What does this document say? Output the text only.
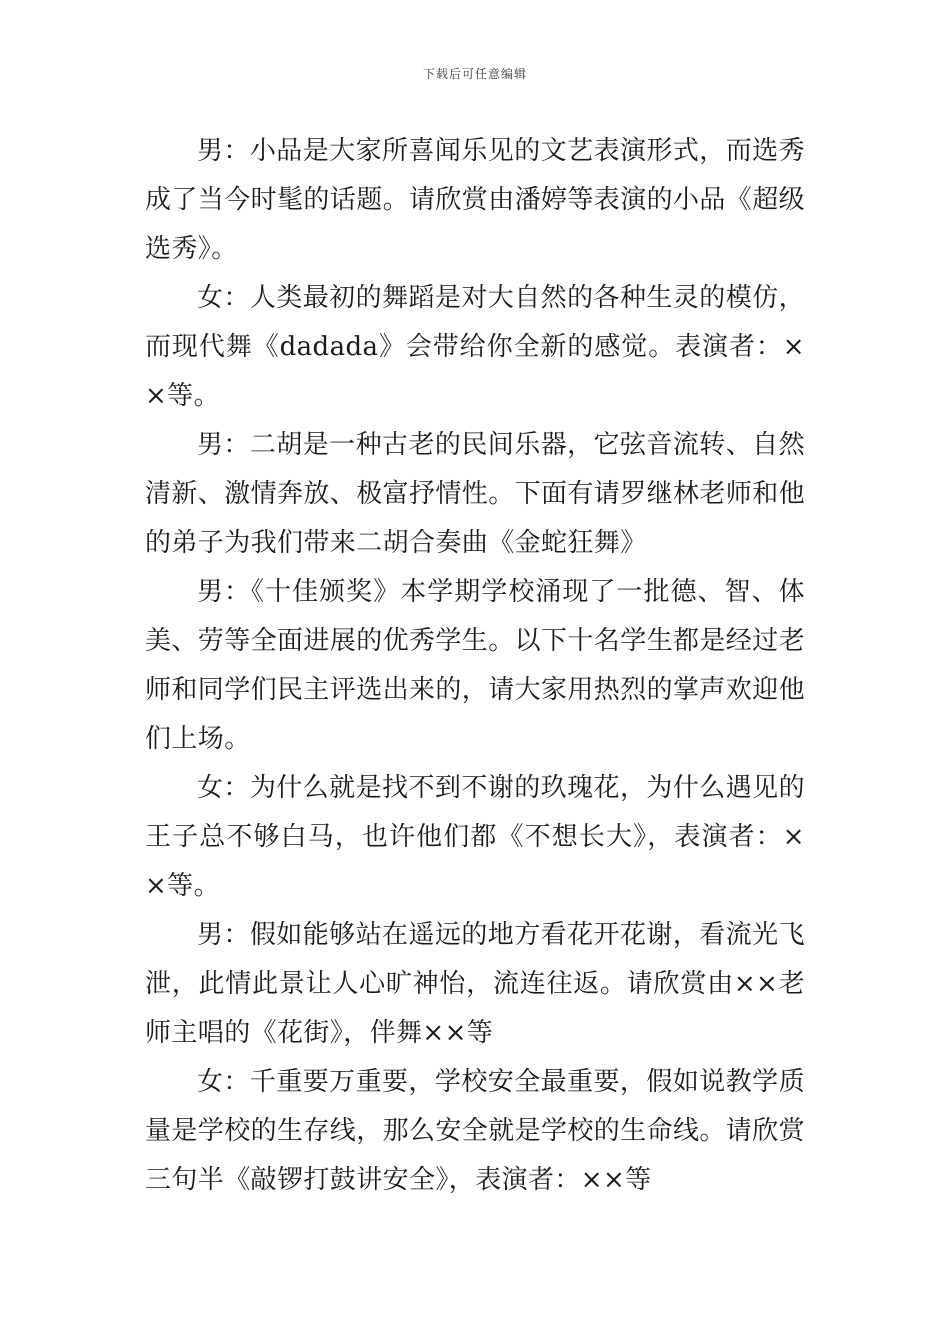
下载后可任意编辑

男：小品是大家所喜闻乐见的文艺表演形式，而选秀成了当今时髦的话题。请欣赏由潘婷等表演的小品《超级选秀》。

女：人类最初的舞蹈是对大自然的各种生灵的模仿，而现代舞《dadada》会带给你全新的感觉。表演者：××等。

男：二胡是一种古老的民间乐器，它弦音流转、自然清新、激情奔放、极富抒情性。下面有请罗继林老师和他的弟子为我们带来二胡合奏曲《金蛇狂舞》

男：《十佳颁奖》本学期学校涌现了一批德、智、体美、劳等全面进展的优秀学生。以下十名学生都是经过老师和同学们民主评选出来的，请大家用热烈的掌声欢迎他们上场。

女：为什么就是找不到不谢的玖瑰花，为什么遇见的王子总不够白马，也许他们都《不想长大》，表演者：××等。

男：假如能够站在遥远的地方看花开花谢，看流光飞泄，此情此景让人心旷神怡，流连往返。请欣赏由××老师主唱的《花街》，伴舞××等

女：千重要万重要，学校安全最重要，假如说教学质量是学校的生存线，那么安全就是学校的生命线。请欣赏三句半《敲锣打鼓讲安全》，表演者：××等
